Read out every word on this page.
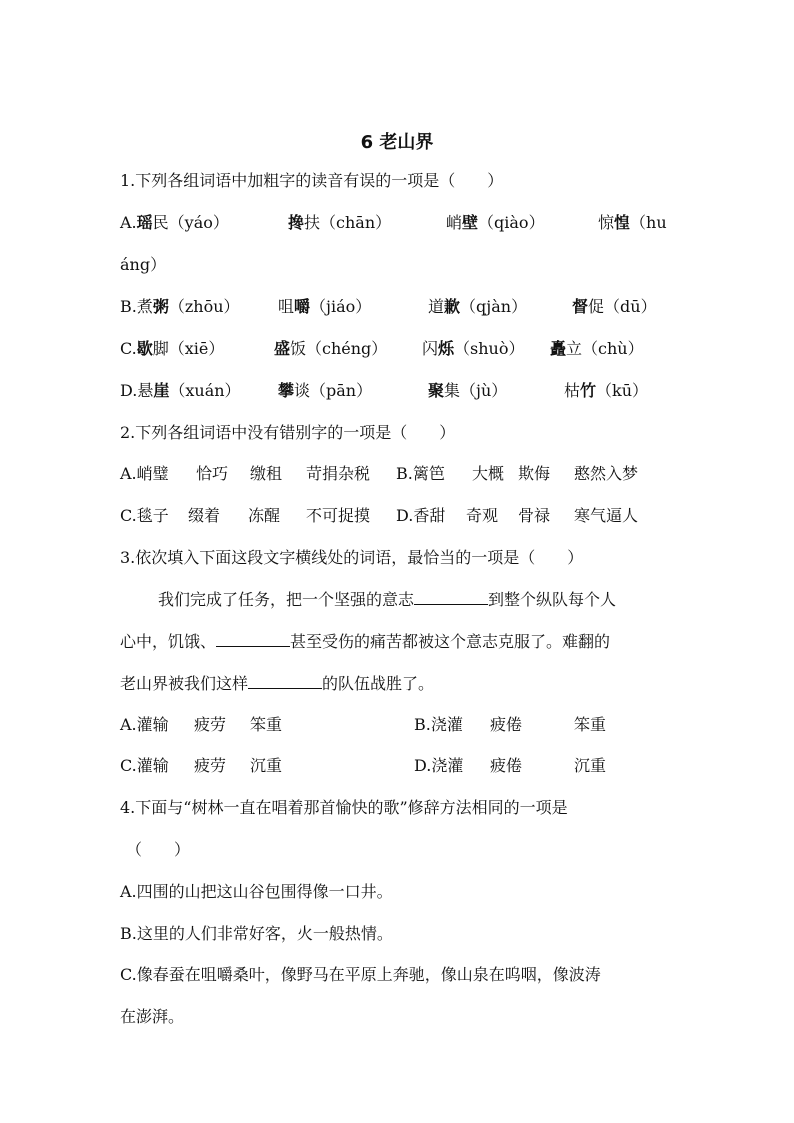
6 老山界
1.下列各组词语中加粗字的读音有误的一项是（　　）
A.瑶民（yáo）	搀扶（chān）	峭壁（qiào）	惊惶（hu
áng）
B.煮粥（zhōu） 咀嚼（jiáo）	道歉（qjàn）	督促（dū）
C.歇脚（xiē）	盛饭（chéng） 闪烁（shuò） 矗立（chù）
D.悬崖（xuán） 攀谈（pān）	聚集（jù）	枯竹（kū）
2.下列各组词语中没有错别字的一项是（　　）
A.峭璧 恰巧 缴租 苛捐杂税 B.篱笆 大概 欺侮 憨然入梦
C.毯子 缀着 冻醒 不可捉摸 D.香甜 奇观 骨禄 寒气逼人
3.依次填入下面这段文字横线处的词语，最恰当的一项是（　　）
我们完成了任务，把一个坚强的意志	到整个纵队每个人
心中，饥饿、	甚至受伤的痛苦都被这个意志克服了。难翻的
老山界被我们这样	的队伍战胜了。
A.灌输 疲劳 笨重	B.浇灌 疲倦	笨重
C.灌输 疲劳 沉重	D.浇灌 疲倦	沉重
4.下面与“树林一直在唱着那首愉快的歌”修辞方法相同的一项是
（　　）
A.四围的山把这山谷包围得像一口井。
B.这里的人们非常好客，火一般热情。
C.像春蚕在咀嚼桑叶，像野马在平原上奔驰，像山泉在呜咽，像波涛
在澎湃。
